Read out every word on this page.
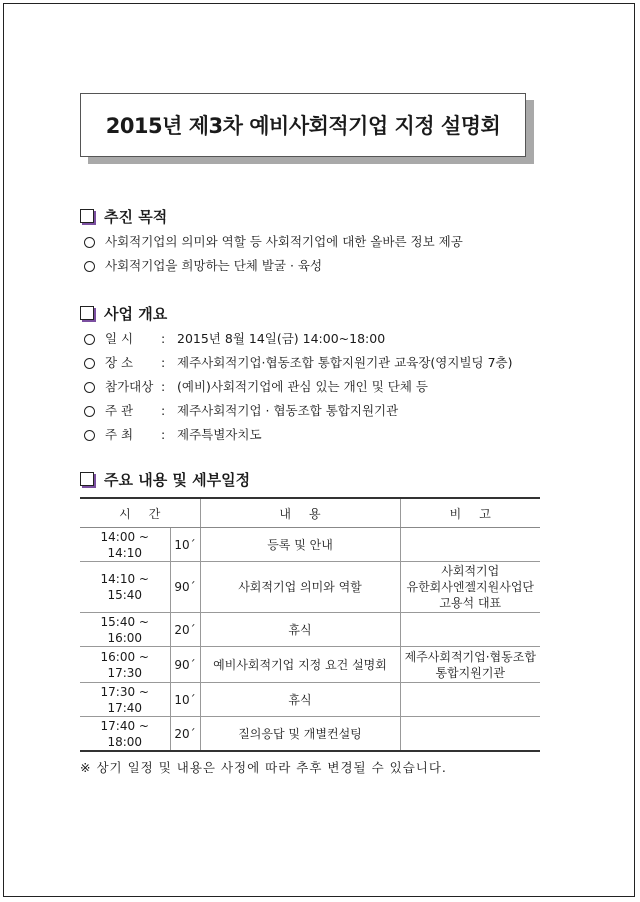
2015년 제3차 예비사회적기업 지정 설명회
추진 목적
사회적기업의 의미와 역할 등 사회적기업에 대한 올바른 정보 제공
사회적기업을 희망하는 단체 발굴 · 육성
사업 개요
일 시	: 2015년 8월 14일(금) 14:00~18:00
장 소	: 제주사회적기업·협동조합 통합지원기관 교육장(영지빌딩 7층)
참가대상 : (예비)사회적기업에 관심 있는 개인 및 단체 등
주 관	: 제주사회적기업 · 협동조합 통합지원기관
주 최	: 제주특별자치도
주요 내용 및 세부일정
시간		내용	비고
14:00 ~ 14:10	10´	등록 및 안내	
14:10 ~ 15:40	90´	사회적기업 의미와 역할	사회적기업
유한회사엔젤지원사업단
고용석 대표

15:40 ~ 16:00	20´	휴식	
16:00 ~ 17:30	90´	예비사회적기업 지정 요건 설명회	제주사회적기업·협동조합
통합지원기관

17:30 ~ 17:40	10´	휴식	
17:40 ~ 18:00	20´	질의응답 및 개별컨설팅	
※ 상기 일정 및 내용은 사정에 따라 추후 변경될 수 있습니다.
